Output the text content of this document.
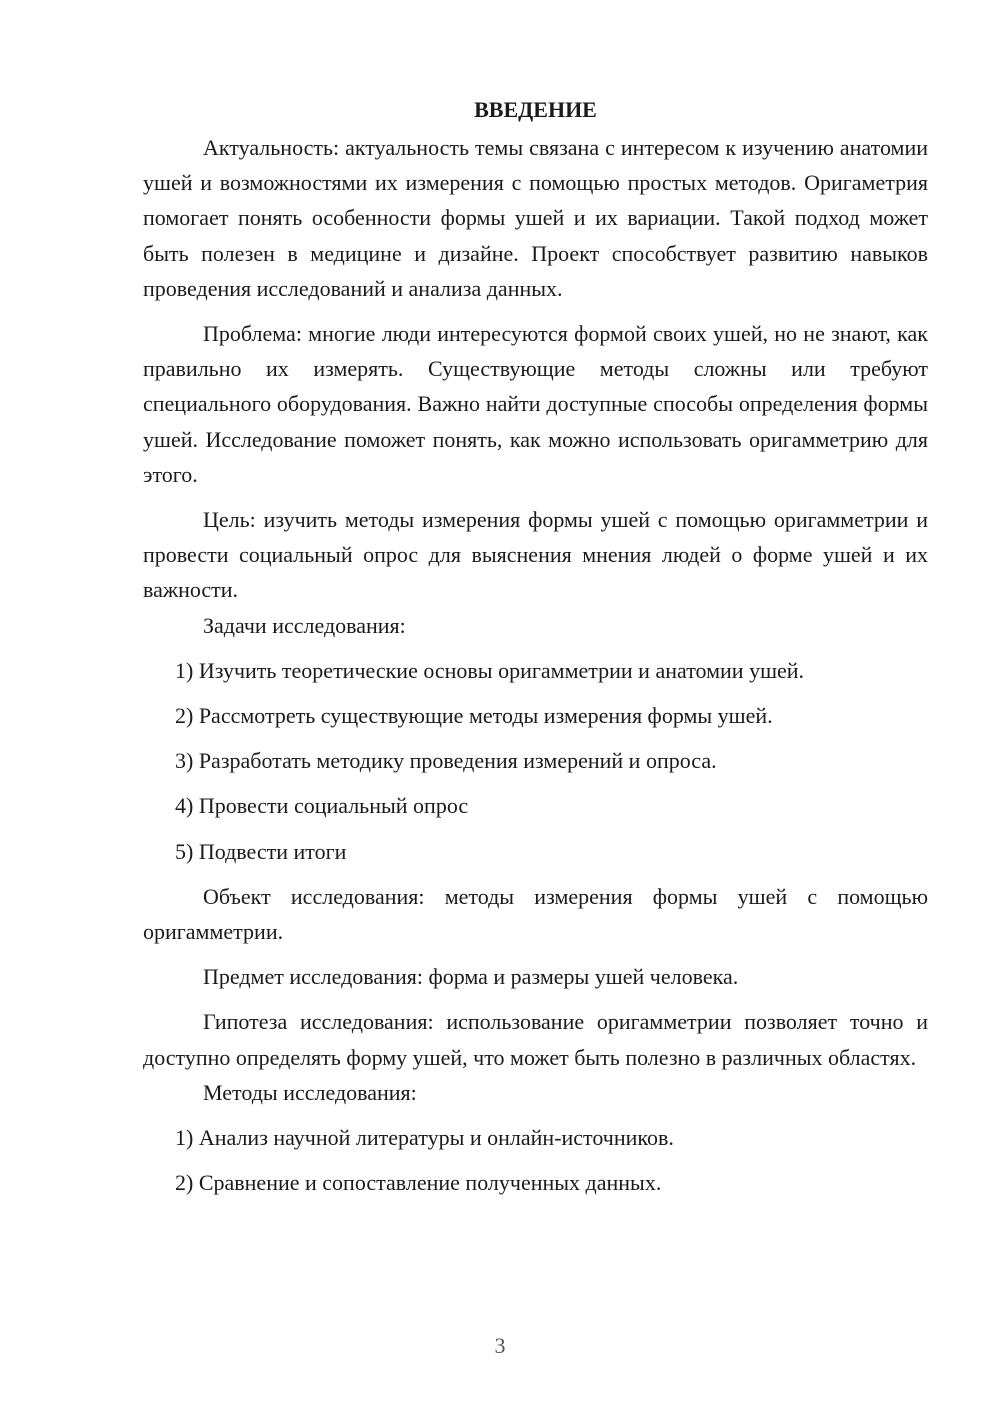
ВВЕДЕНИЕ

Актуальность: актуальность темы связана с интересом к изучению анатомии ушей и возможностями их измерения с помощью простых методов. Оригаметрия помогает понять особенности формы ушей и их вариации. Такой подход может быть полезен в медицине и дизайне. Проект способствует развитию навыков проведения исследований и анализа данных.

Проблема: многие люди интересуются формой своих ушей, но не знают, как правильно их измерять. Существующие методы сложны или требуют специального оборудования. Важно найти доступные способы определения формы ушей. Исследование поможет понять, как можно использовать оригамметрию для этого.

Цель: изучить методы измерения формы ушей с помощью оригамметрии и провести социальный опрос для выяснения мнения людей о форме ушей и их важности.

Задачи исследования:

1) Изучить теоретические основы оригамметрии и анатомии ушей.
2) Рассмотреть существующие методы измерения формы ушей.
3) Разработать методику проведения измерений и опроса.
4) Провести социальный опрос
5) Подвести итоги

Объект исследования: методы измерения формы ушей с помощью оригамметрии.

Предмет исследования: форма и размеры ушей человека.

Гипотеза исследования: использование оригамметрии позволяет точно и доступно определять форму ушей, что может быть полезно в различных областях.

Методы исследования:

1) Анализ научной литературы и онлайн-источников.
2) Сравнение и сопоставление полученных данных.
3
